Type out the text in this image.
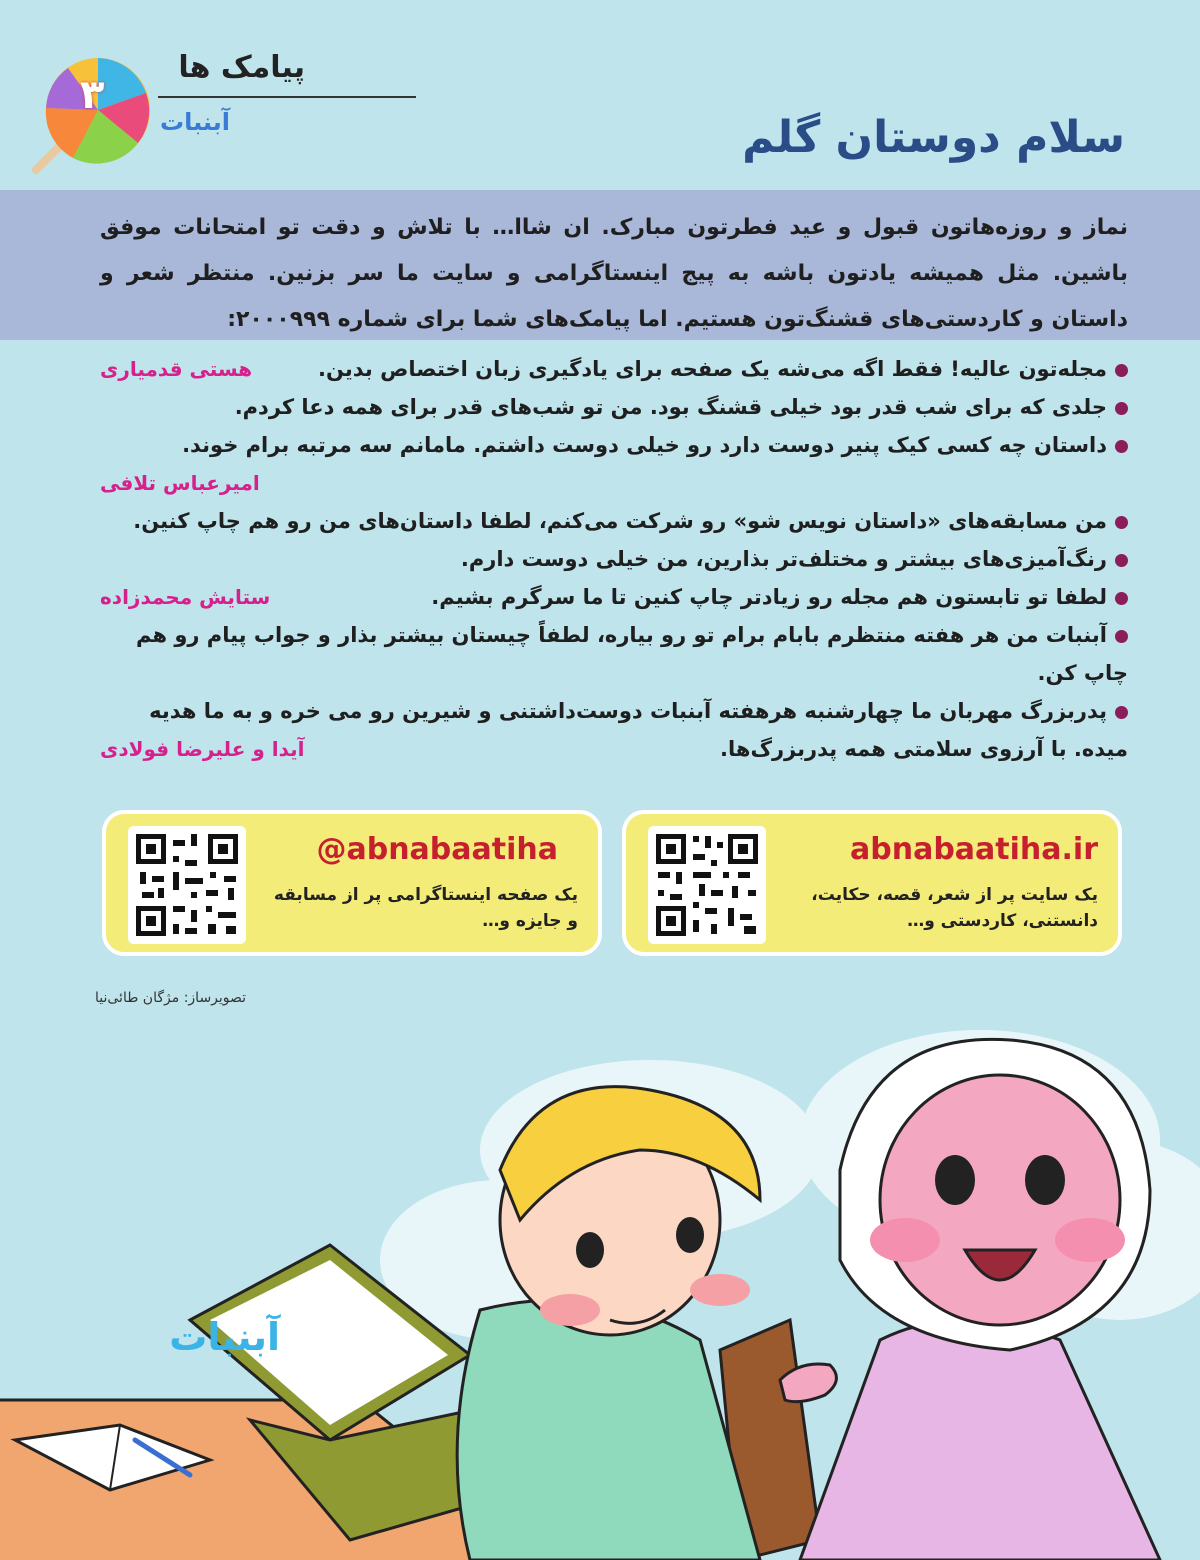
پیامک ها
۳
آبنبات	سلام دوستان گلم
نماز و روزه‌هاتون قبول و عید فطرتون مبارک. ان شاا… با تلاش و دقت تو امتحانات موفق باشین. مثل همیشه یادتون باشه به پیج اینستاگرامی و سایت ما سر بزنین. منتظر شعر و داستان و کاردستی‌های قشنگ‌تون هستیم. اما پیامک‌های شما برای شماره ۲۰۰۰۹۹۹:
مجله‌تون عالیه! فقط اگه می‌شه یک صفحه برای یادگیری زبان اختصاص بدین.
هستی قدمیاری
جلدی که برای شب قدر بود خیلی قشنگ بود. من تو شب‌های قدر برای همه دعا کردم.
داستان چه کسی کیک پنیر دوست دارد رو خیلی دوست داشتم. مامانم سه مرتبه برام خوند.
امیرعباس تلافی
من مسابقه‌های «داستان نویس شو» رو شرکت می‌کنم، لطفا داستان‌های من رو هم چاپ کنین.
رنگ‌آمیزی‌های بیشتر و مختلف‌تر بذارین، من خیلی دوست دارم.
لطفا تو تابستون هم مجله رو زیادتر چاپ کنین تا ما سرگرم بشیم.
ستایش محمدزاده
آبنبات من هر هفته منتظرم بابام برام تو رو بیاره، لطفاً چیستان بیشتر بذار و جواب پیام رو هم چاپ کن.
پدربزرگ مهربان ما چهارشنبه هرهفته آبنبات دوست‌داشتنی و شیرین رو می خره و به ما هدیه میده. با آرزوی سلامتی همه پدربزرگ‌ها.
آیدا و علیرضا فولادی
abnabaatiha.ir
یک سایت پر از شعر، قصه، حکایت، دانستنی، کاردستی و…
@abnabaatiha
یک صفحه اینستاگرامی پر از مسابقه و جایزه و…
تصویرساز: مژگان طائی‌نیا
آبنبات
